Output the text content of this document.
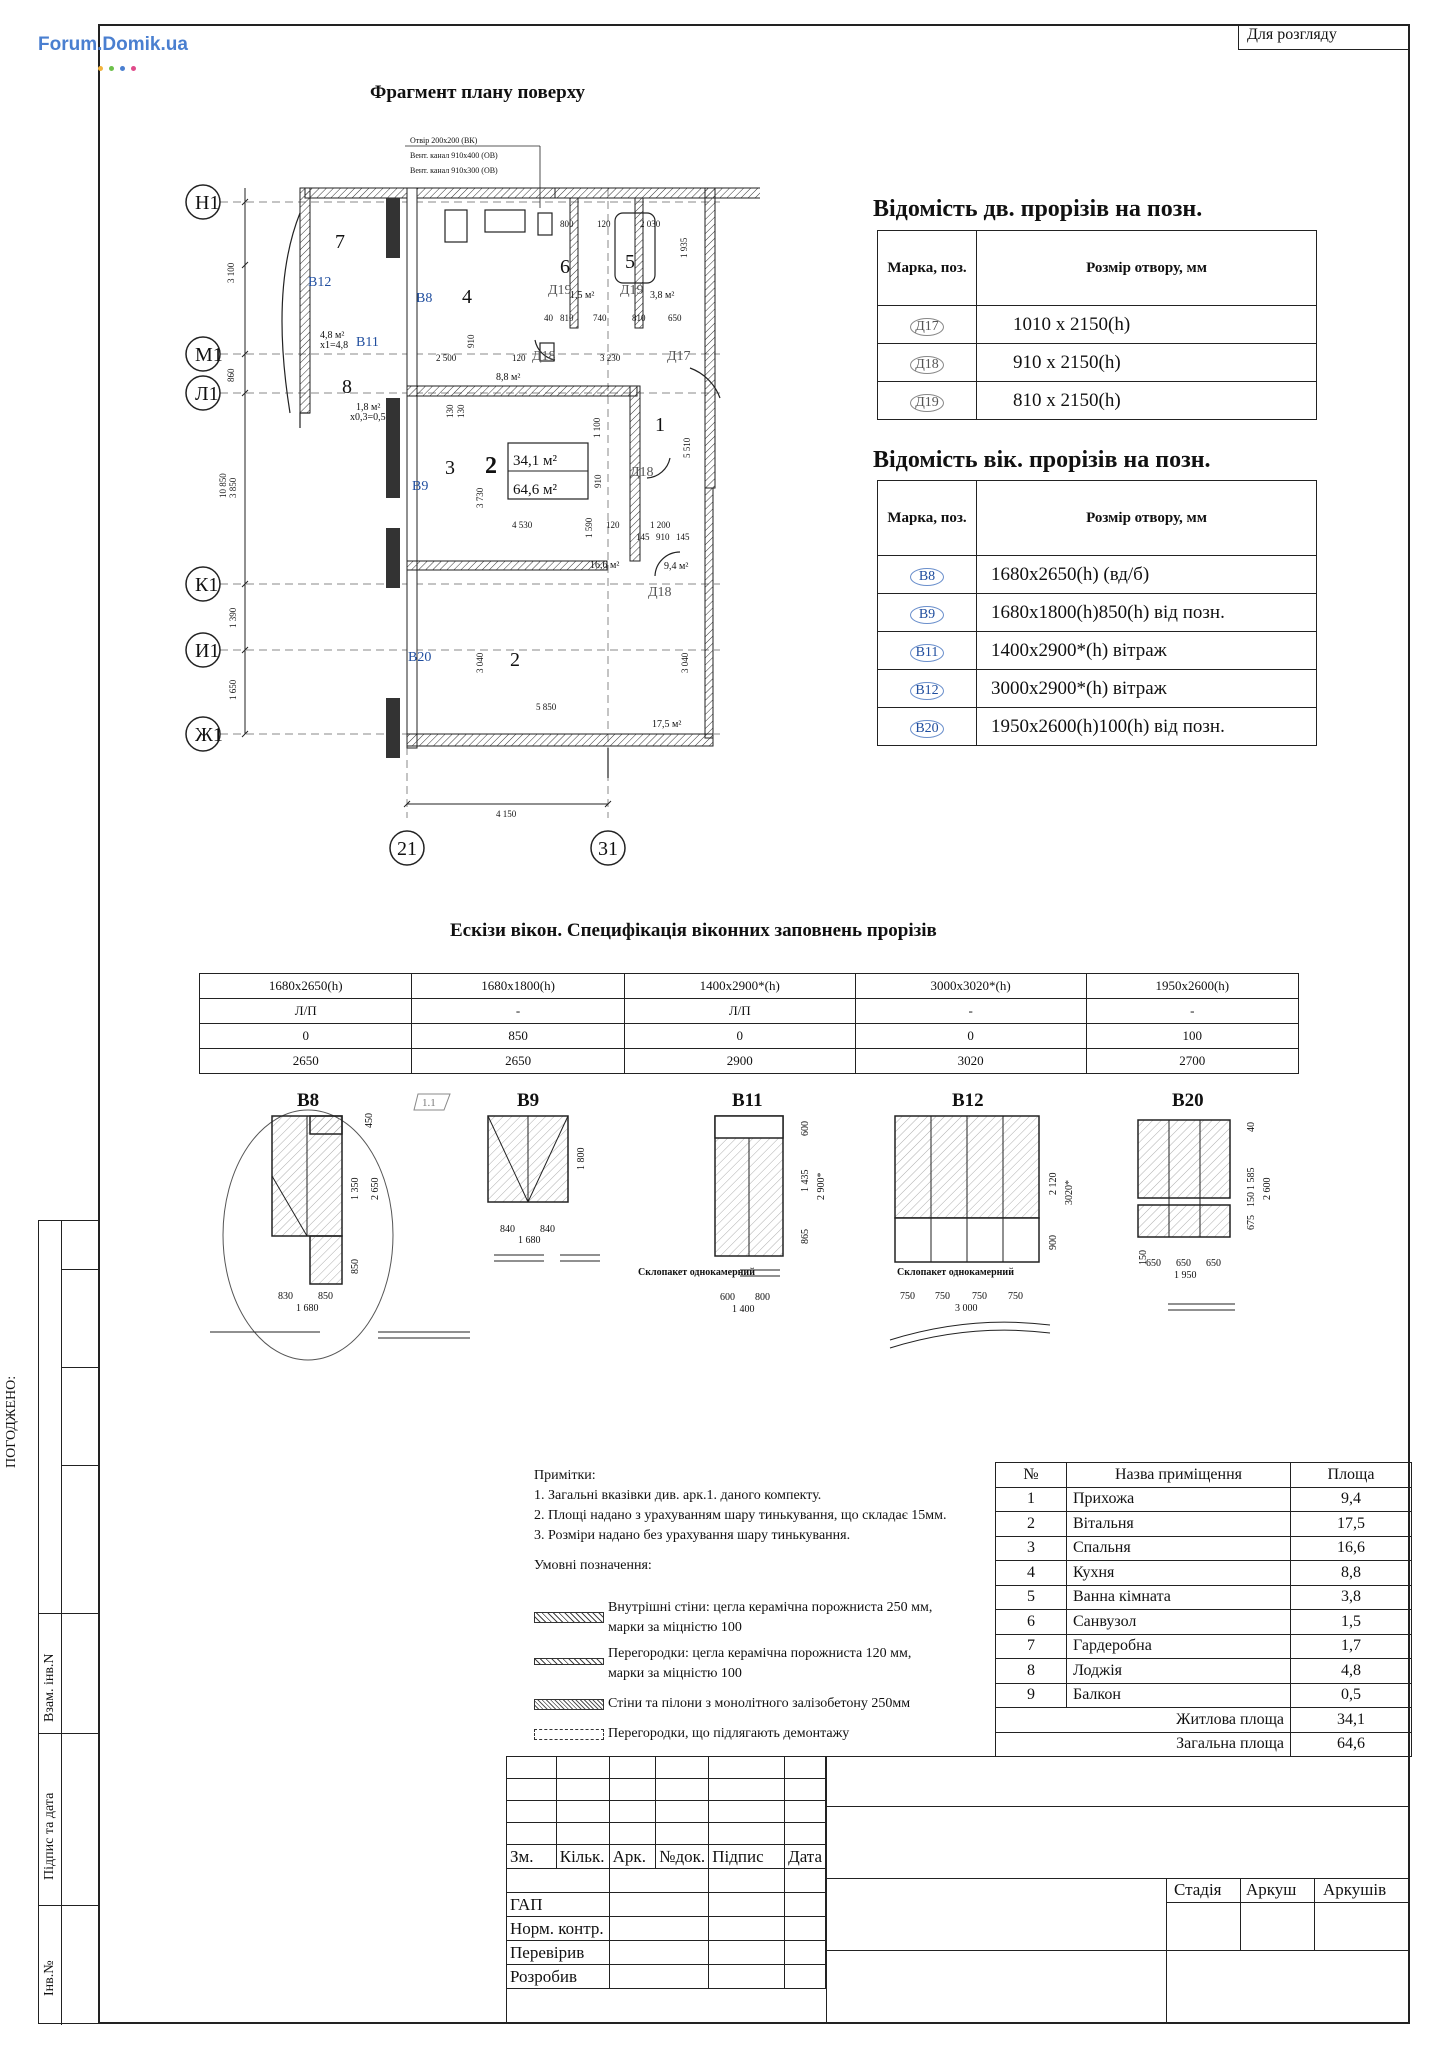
Forum.Domik.ua	Для розгляду
ПОГОДЖЕНО:
Взам. інв.N
Підпис та дата
Інв.№
Фрагмент плану поверху
Н1
М1
Л1
К1
И1
Ж1
21	31
7
4
6	5
8
1
3
2
2 34,1 м²
64,6 м²
В12
В8
В11
В9
В20
Д19	Д19
Д18	Д17
Д18
Д18
4,8 м²
x1=4,8
1,8 м²
x0,3=0,5
8,8 м²
16,6 м²	9,4 м²
17,5 м²
1,5 м²	3,8 м²
3 100
860
10 850 3 850
1 390
1 650
4 150
800	120	2 030
1 935
810 740	810	650
2 500	120
910
3 230
1 100
5 510
910
3 730
4 530	1 590 120	1 200
145 910 145
3 040
5 850
3 040
130 130
40
Отвір 200х200 (ВК)
Вент. канал 910х400 (ОВ)
Вент. канал 910х300 (ОВ)
Відомість дв. прорізів на позн.
Марка, поз.	Розмір отвору, мм
Д17	1010 x 2150(h)
Д18	910 x 2150(h)
Д19	810 x 2150(h)
Відомість вік. прорізів на позн.
Марка, поз.	Розмір отвору, мм
В8	1680x2650(h) (вд/б)
В9	1680x1800(h)850(h) від позн.
В11	1400x2900*(h) вітраж
В12	3000x2900*(h) вітраж
В20	1950x2600(h)100(h) від позн.
Ескізи вікон. Специфікація віконних заповнень прорізів
1680x2650(h)	1680x1800(h)	1400x2900*(h)	3000x3020*(h)	1950x2600(h)
Л/П	-	Л/П	-	-
0	850	0	0	100
2650	2650	2900	3020	2700
В8	В9	В11	В12	В20
1.1
450
1 350 2 650
850
830	850
1 680
1 800
840	840
1 680
600
1 435 2 900*
865
600 800
1 400
2 120 3020*
900
750 750 750 750
3 000
40
1 585
150 2 600
675
150
650 650 650
1 950
Склопакет однокамерний	Склопакет однокамерний
Примітки:
1. Загальні вказівки див. арк.1. даного компекту.
2. Площі надано з урахуванням шару тинькування, що складає 15мм.
3. Розміри надано без урахування шару тинькування.
Умовні позначення:
Внутрішні стіни: цегла керамічна порожниста 250 мм, марки за міцністю 100
Перегородки: цегла керамічна порожниста 120 мм, марки за міцністю 100
Стіни та пілони з монолітного залізобетону 250мм
Перегородки, що підлягають демонтажу
№	Назва приміщення	Площа
1	Прихожа	9,4
2	Вітальня	17,5
3	Спальня	16,6
4	Кухня	8,8
5	Ванна кімната	3,8
6	Санвузол	1,5
7	Гардеробна	1,7
8	Лоджія	4,8
9	Балкон	0,5
Житлова площа		34,1
Загальна площа		64,6
Стадія Аркуш Аркушів

Зм.	Кільк.	Арк.	№док.	Підпис	Дата

ГАП					
Норм. контр.					
Перевірив					
Розробив					
